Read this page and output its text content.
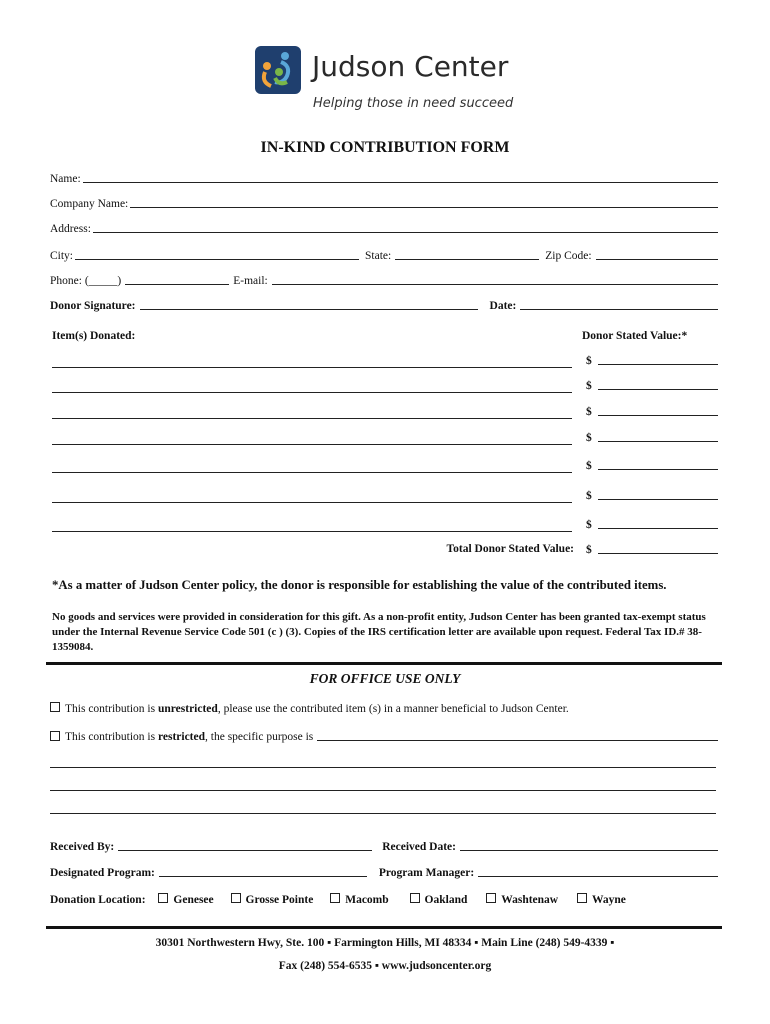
Judson Center
Helping those in need succeed
IN-KIND CONTRIBUTION FORM
Name:
Company Name:
Address:
City:	State:	Zip Code:
Phone: (_____)	E-mail:
Donor Signature:	Date:
Item(s) Donated:	Donor Stated Value:*
$
$
$
$
$
$
$
Total Donor Stated Value: $
*As a matter of Judson Center policy, the donor is responsible for establishing the value of the contributed items.
No goods and services were provided in consideration for this gift. As a non-profit entity, Judson Center has been granted tax-exempt status under the Internal Revenue Service Code 501 (c ) (3). Copies of the IRS certification letter are available upon request. Federal Tax ID.# 38-1359084.
FOR OFFICE USE ONLY
This contribution is unrestricted, please use the contributed item (s) in a manner beneficial to Judson Center.
This contribution is restricted , the specific purpose is
Received By:	Received Date:
Designated Program:	Program Manager:
Donation Location: Genesee	Grosse Pointe	Macomb	Oakland	Washtenaw	Wayne
30301 Northwestern Hwy, Ste. 100 ▪ Farmington Hills, MI 48334 ▪ Main Line (248) 549-4339 ▪
Fax (248) 554-6535 ▪ www.judsoncenter.org
